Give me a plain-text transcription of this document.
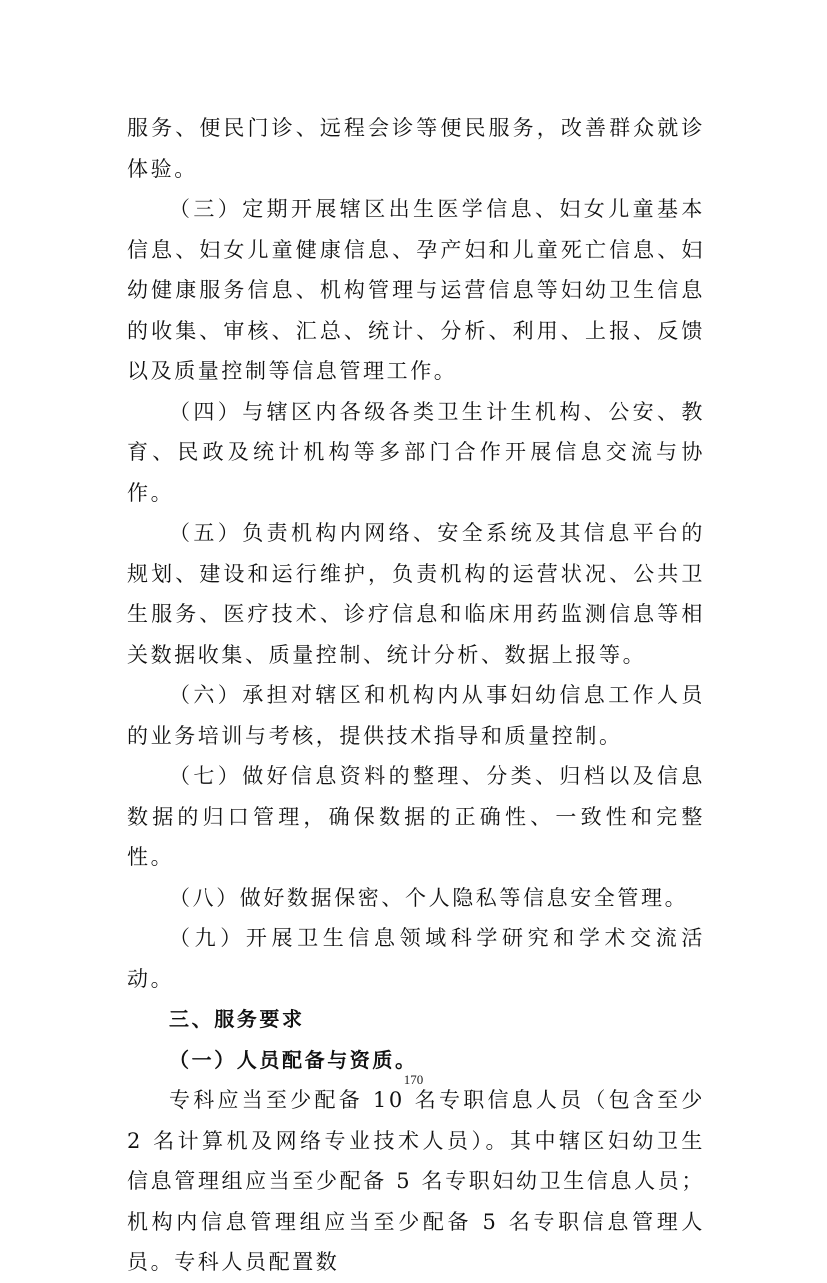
服务、便民门诊、远程会诊等便民服务，改善群众就诊体验。

（三）定期开展辖区出生医学信息、妇女儿童基本信息、妇女儿童健康信息、孕产妇和儿童死亡信息、妇幼健康服务信息、机构管理与运营信息等妇幼卫生信息的收集、审核、汇总、统计、分析、利用、上报、反馈以及质量控制等信息管理工作。

（四）与辖区内各级各类卫生计生机构、公安、教育、民政及统计机构等多部门合作开展信息交流与协作。

（五）负责机构内网络、安全系统及其信息平台的规划、建设和运行维护，负责机构的运营状况、公共卫生服务、医疗技术、诊疗信息和临床用药监测信息等相关数据收集、质量控制、统计分析、数据上报等。

（六）承担对辖区和机构内从事妇幼信息工作人员的业务培训与考核，提供技术指导和质量控制。

（七）做好信息资料的整理、分类、归档以及信息数据的归口管理，确保数据的正确性、一致性和完整性。

（八）做好数据保密、个人隐私等信息安全管理。

（九）开展卫生信息领域科学研究和学术交流活动。

三、服务要求

（一）人员配备与资质。

专科应当至少配备 10 名专职信息人员（包含至少 2 名计算机及网络专业技术人员）。其中辖区妇幼卫生信息管理组应当至少配备 5 名专职妇幼卫生信息人员；机构内信息管理组应当至少配备 5 名专职信息管理人员。专科人员配置数

170
